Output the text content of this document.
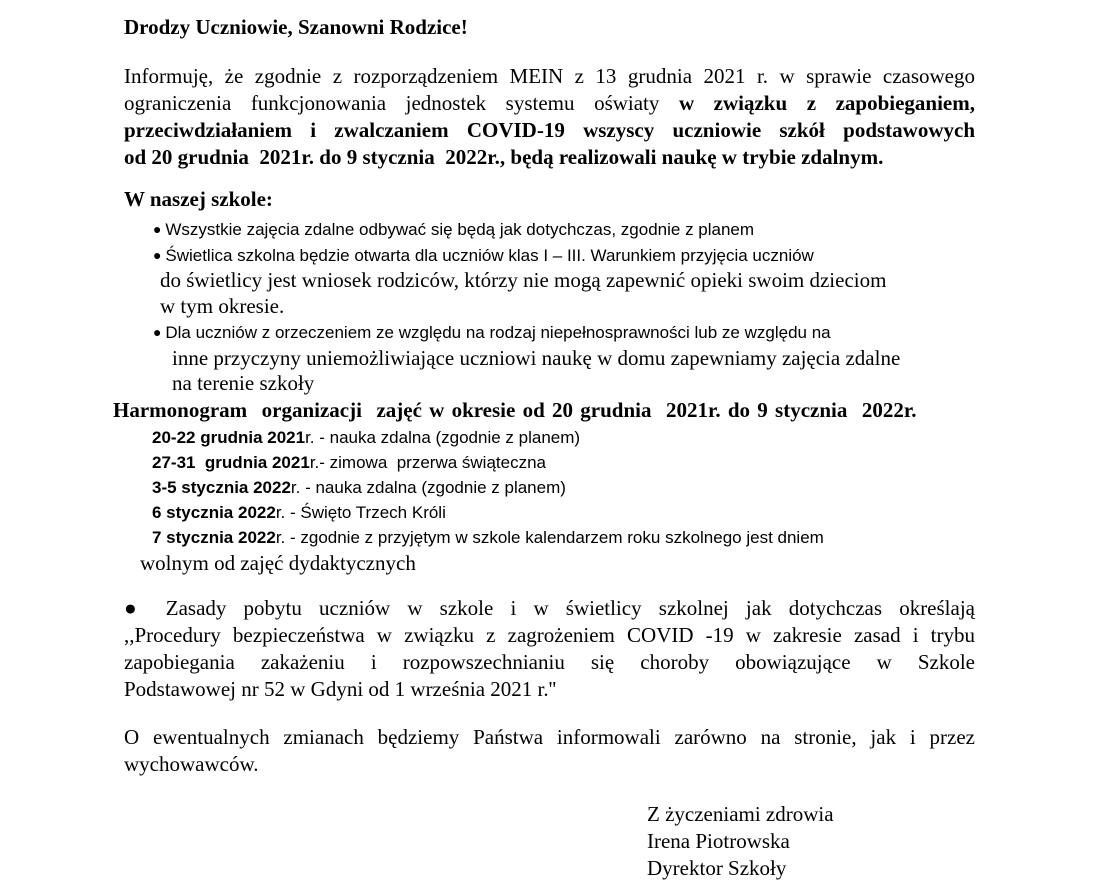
Drodzy Uczniowie, Szanowni Rodzice!

Informuję, że zgodnie z rozporządzeniem MEIN z 13 grudnia 2021 r. w sprawie czasowego
ograniczenia funkcjonowania jednostek systemu oświaty w związku z zapobieganiem,
przeciwdziałaniem i zwalczaniem COVID-19 wszyscy uczniowie szkół podstawowych
od 20 grudnia  2021r. do 9 stycznia  2022r., będą realizowali naukę w trybie zdalnym.

W naszej szkole:

● Wszystkie zajęcia zdalne odbywać się będą jak dotychczas, zgodnie z planem
● Świetlica szkolna będzie otwarta dla uczniów klas I – III. Warunkiem przyjęcia uczniów
do świetlicy jest wniosek rodziców, którzy nie mogą zapewnić opieki swoim dzieciom
w tym okresie.
● Dla uczniów z orzeczeniem ze względu na rodzaj niepełnosprawności lub ze względu na
inne przyczyny uniemożliwiające uczniowi naukę w domu zapewniamy zajęcia zdalne
na terenie szkoły
Harmonogram  organizacji  zajęć w okresie od 20 grudnia  2021r. do 9 stycznia  2022r.
20-22 grudnia 2021r. - nauka zdalna (zgodnie z planem)
27-31  grudnia 2021r.- zimowa  przerwa świąteczna
3-5 stycznia 2022r. - nauka zdalna (zgodnie z planem)
6 stycznia 2022r. - Święto Trzech Króli
7 stycznia 2022r. - zgodnie z przyjętym w szkole kalendarzem roku szkolnego jest dniem

wolnym od zajęć dydaktycznych

● Zasady pobytu uczniów w szkole i w świetlicy szkolnej jak dotychczas określają
,,Procedury bezpieczeństwa w związku z zagrożeniem COVID -19 w zakresie zasad i trybu
zapobiegania zakażeniu i rozpowszechnianiu się choroby obowiązujące w Szkole
Podstawowej nr 52 w Gdyni od 1 września 2021 r.''
O ewentualnych zmianach będziemy Państwa informowali zarówno na stronie, jak i przez
wychowawców.
Z życzeniami zdrowia
Irena Piotrowska
Dyrektor Szkoły
